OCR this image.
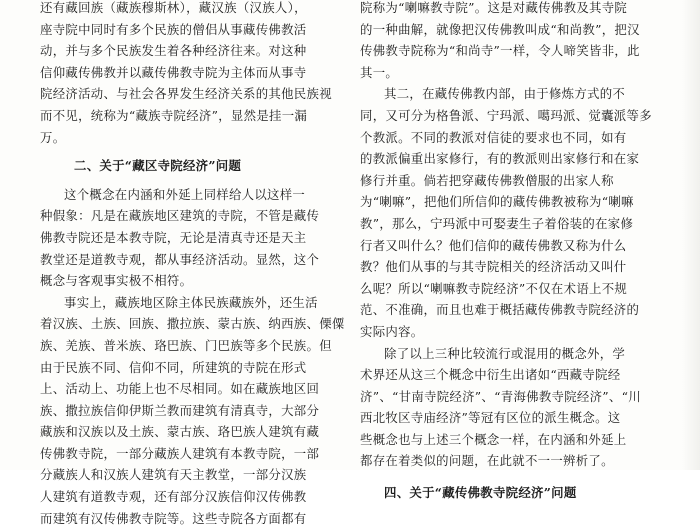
还有藏回族（藏族穆斯林），藏汉族（汉族人），
座寺院中同时有多个民族的僧侣从事藏传佛教活
动，并与多个民族发生着各种经济往来。对这种
信仰藏传佛教并以藏传佛教寺院为主体而从事寺
院经济活动、与社会各界发生经济关系的其他民族视
而不见，统称为“藏族寺院经济”，显然是挂一漏
万。
二、关于“藏区寺院经济”问题
这个概念在内涵和外延上同样给人以这样一
种假象：凡是在藏族地区建筑的寺院，不管是藏传
佛教寺院还是本教寺院，无论是清真寺还是天主
教堂还是道教寺观，都从事经济活动。显然，这个
概念与客观事实极不相符。
事实上，藏族地区除主体民族藏族外，还生活
着汉族、土族、回族、撒拉族、蒙古族、纳西族、傈僳
族、羌族、普米族、珞巴族、门巴族等多个民族。但
由于民族不同、信仰不同，所建筑的寺院在形式
上、活动上、功能上也不尽相同。如在藏族地区回
族、撒拉族信仰伊斯兰教而建筑有清真寺，大部分
藏族和汉族以及土族、蒙古族、珞巴族人建筑有藏
传佛教寺院，一部分藏族人建筑有本教寺院，一部
分藏族人和汉族人建筑有天主教堂，一部分汉族
人建筑有道教寺观，还有部分汉族信仰汉传佛教
而建筑有汉传佛教寺院等。这些寺院各方面都有
院称为“喇嘛教寺院”。这是对藏传佛教及其寺院
的一种曲解，就像把汉传佛教叫成“和尚教”，把汉
传佛教寺院称为“和尚寺”一样，令人啼笑皆非，此
其一。
其二，在藏传佛教内部，由于修炼方式的不
同，又可分为格鲁派、宁玛派、噶玛派、觉囊派等多
个教派。不同的教派对信徒的要求也不同，如有
的教派偏重出家修行，有的教派则出家修行和在家
修行并重。倘若把穿藏传佛教僧服的出家人称
为“喇嘛”，把他们所信仰的藏传佛教被称为“喇嘛
教”，那么，宁玛派中可娶妻生子着俗装的在家修
行者又叫什么？他们信仰的藏传佛教又称为什么
教？他们从事的与其寺院相关的经济活动又叫什
么呢？所以“喇嘛教寺院经济”不仅在术语上不规
范、不准确，而且也难于概括藏传佛教寺院经济的
实际内容。
除了以上三种比较流行或混用的概念外，学
术界还从这三个概念中衍生出诸如“西藏寺院经
济”、“甘南寺院经济”、“青海佛教寺院经济”、“川
西北牧区寺庙经济”等冠有区位的派生概念。这
些概念也与上述三个概念一样，在内涵和外延上
都存在着类似的问题，在此就不一一辨析了。
四、关于“藏传佛教寺院经济”问题
